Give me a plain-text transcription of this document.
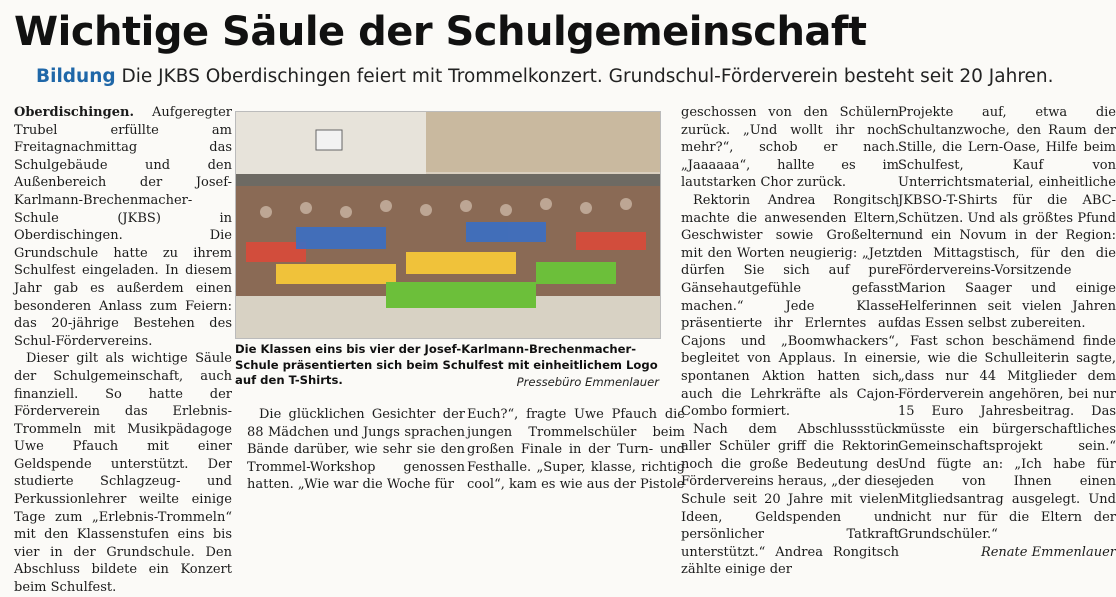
Wichtige Säule der Schulgemeinschaft
Bildung Die JKBS Oberdischingen feiert mit Trommelkonzert. Grundschul-Förderverein besteht seit 20 Jahren.

Oberdischingen. Aufgeregter Trubel erfüllte am Freitagnachmittag das Schulgebäude und den Außenbereich der Josef-Karlmann-Brechenmacher-Schule (JKBS) in Oberdischingen. Die Grundschule hatte zu ihrem Schulfest eingeladen. In diesem Jahr gab es außerdem einen besonderen Anlass zum Feiern: das 20-jährige Bestehen des Schul-Fördervereins.

Dieser gilt als wichtige Säule der Schulgemeinschaft, auch finanziell. So hatte der Förderverein das Erlebnis-Trommeln mit Musikpädagoge Uwe Pfauch mit einer Geldspende unterstützt. Der studierte Schlagzeug- und Perkussionlehrer weilte einige Tage zum „Erlebnis-Trommeln“ mit den Klassenstufen eins bis vier in der Grundschule. Den Abschluss bildete ein Konzert beim Schulfest.

Die Klassen eins bis vier der Josef-Karlmann-Brechenmacher-Schule präsentierten sich beim Schulfest mit einheitlichem Logo auf den T-Shirts.	Pressebüro Emmenlauer

Die glücklichen Gesichter der 88 Mädchen und Jungs sprachen Bände darüber, wie sehr sie den Trommel-Workshop genossen hatten. „Wie war die Woche für

Euch?“, fragte Uwe Pfauch die jungen Trommelschüler beim großen Finale in der Turn- und Festhalle. „Super, klasse, richtig cool“, kam es wie aus der Pistole

geschossen von den Schülern zurück. „Und wollt ihr noch mehr?“, schob er nach. „Jaaaaaa“, hallte es im lautstarken Chor zurück.

Rektorin Andrea Rongitsch machte die anwesenden Eltern, Geschwister sowie Großeltern mit den Worten neugierig: „Jetzt dürfen Sie sich auf pure Gänsehautgefühle gefasst machen.“ Jede Klasse präsentierte ihr Erlerntes auf Cajons und „Boomwhackers“, begleitet von Applaus. In einer spontanen Aktion hatten sich auch die Lehrkräfte als Cajon-Combo formiert.

Nach dem Abschlussstück aller Schüler griff die Rektorin noch die große Bedeutung des Fördervereins heraus, „der diese Schule seit 20 Jahre mit vielen Ideen, Geldspenden und persönlicher Tatkraft unterstützt.“ Andrea Rongitsch zählte einige der

Projekte auf, etwa die Schultanzwoche, den Raum der Stille, die Lern-Oase, Hilfe beim Schulfest, Kauf von Unterrichtsmaterial, einheitliche JKBSO-T-Shirts für die ABC-Schützen. Und als größtes Pfund und ein Novum in der Region: den Mittagstisch, für den die Fördervereins-Vorsitzende Marion Saager und einige Helferinnen seit vielen Jahren das Essen selbst zubereiten.

Fast schon beschämend finde sie, wie die Schulleiterin sagte, „dass nur 44 Mitglieder dem Förderverein angehören, bei nur 15 Euro Jahresbeitrag. Das müsste ein bürgerschaftliches Gemeinschaftsprojekt sein.“ Und fügte an: „Ich habe für jeden von Ihnen einen Mitgliedsantrag ausgelegt. Und nicht nur für die Eltern der Grundschüler.“

Renate Emmenlauer
